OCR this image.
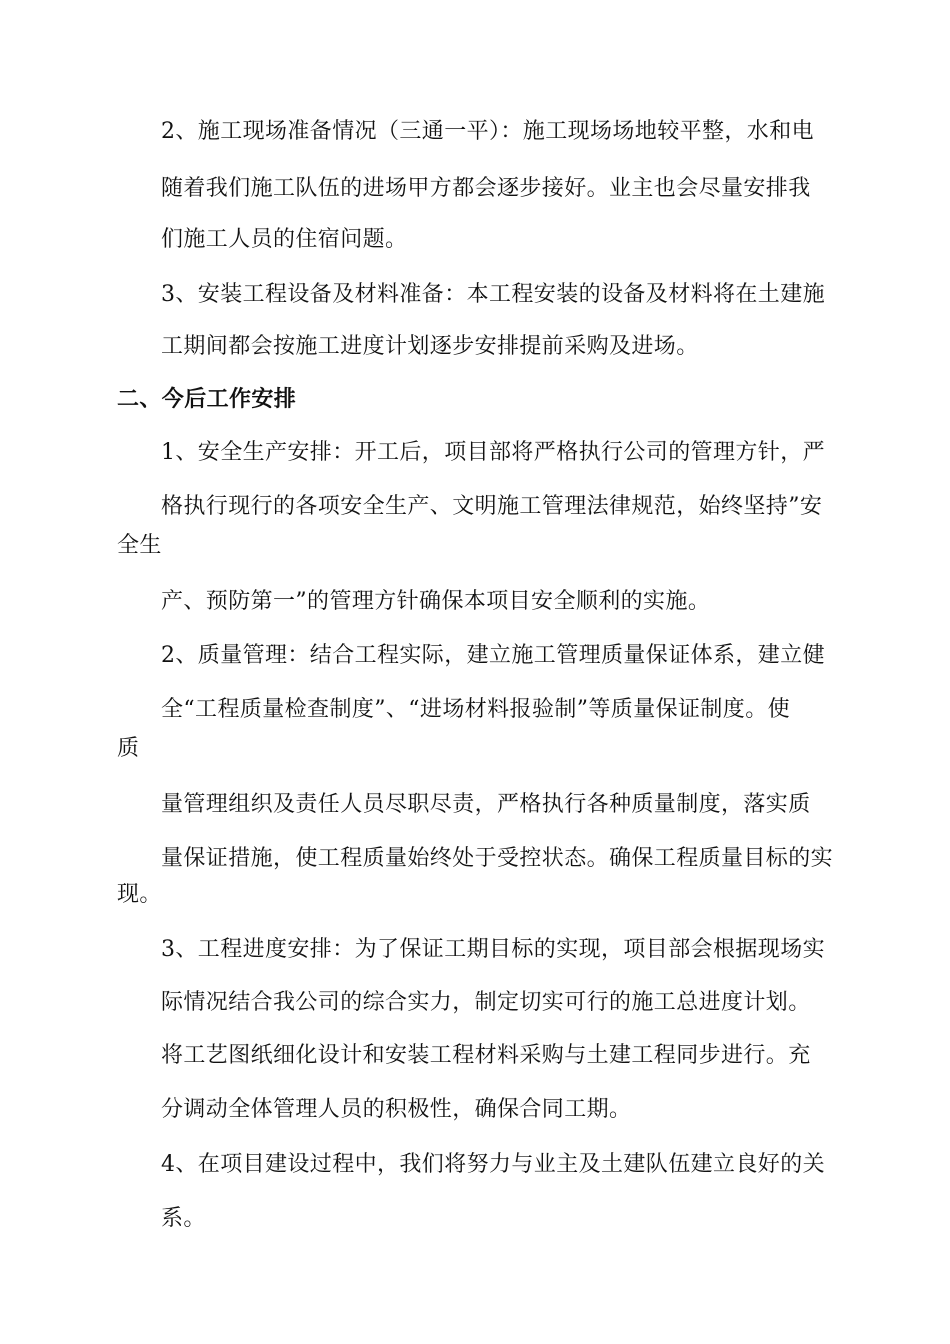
2、施工现场准备情况（三通一平）：施工现场场地较平整，水和电
随着我们施工队伍的进场甲方都会逐步接好。业主也会尽量安排我
们施工人员的住宿问题。
3、安装工程设备及材料准备：本工程安装的设备及材料将在土建施
工期间都会按施工进度计划逐步安排提前采购及进场。
二、今后工作安排
1、安全生产安排：开工后，项目部将严格执行公司的管理方针，严
格执行现行的各项安全生产、文明施工管理法律规范，始终坚持”安
全生
产、预防第一”的管理方针确保本项目安全顺利的实施。
2、质量管理：结合工程实际，建立施工管理质量保证体系，建立健
全“工程质量检查制度”、“进场材料报验制”等质量保证制度。使
质
量管理组织及责任人员尽职尽责，严格执行各种质量制度，落实质
量保证措施，使工程质量始终处于受控状态。确保工程质量目标的实
现。
3、工程进度安排：为了保证工期目标的实现，项目部会根据现场实
际情况结合我公司的综合实力，制定切实可行的施工总进度计划。
将工艺图纸细化设计和安装工程材料采购与土建工程同步进行。充
分调动全体管理人员的积极性，确保合同工期。
4、在项目建设过程中，我们将努力与业主及土建队伍建立良好的关
系。
